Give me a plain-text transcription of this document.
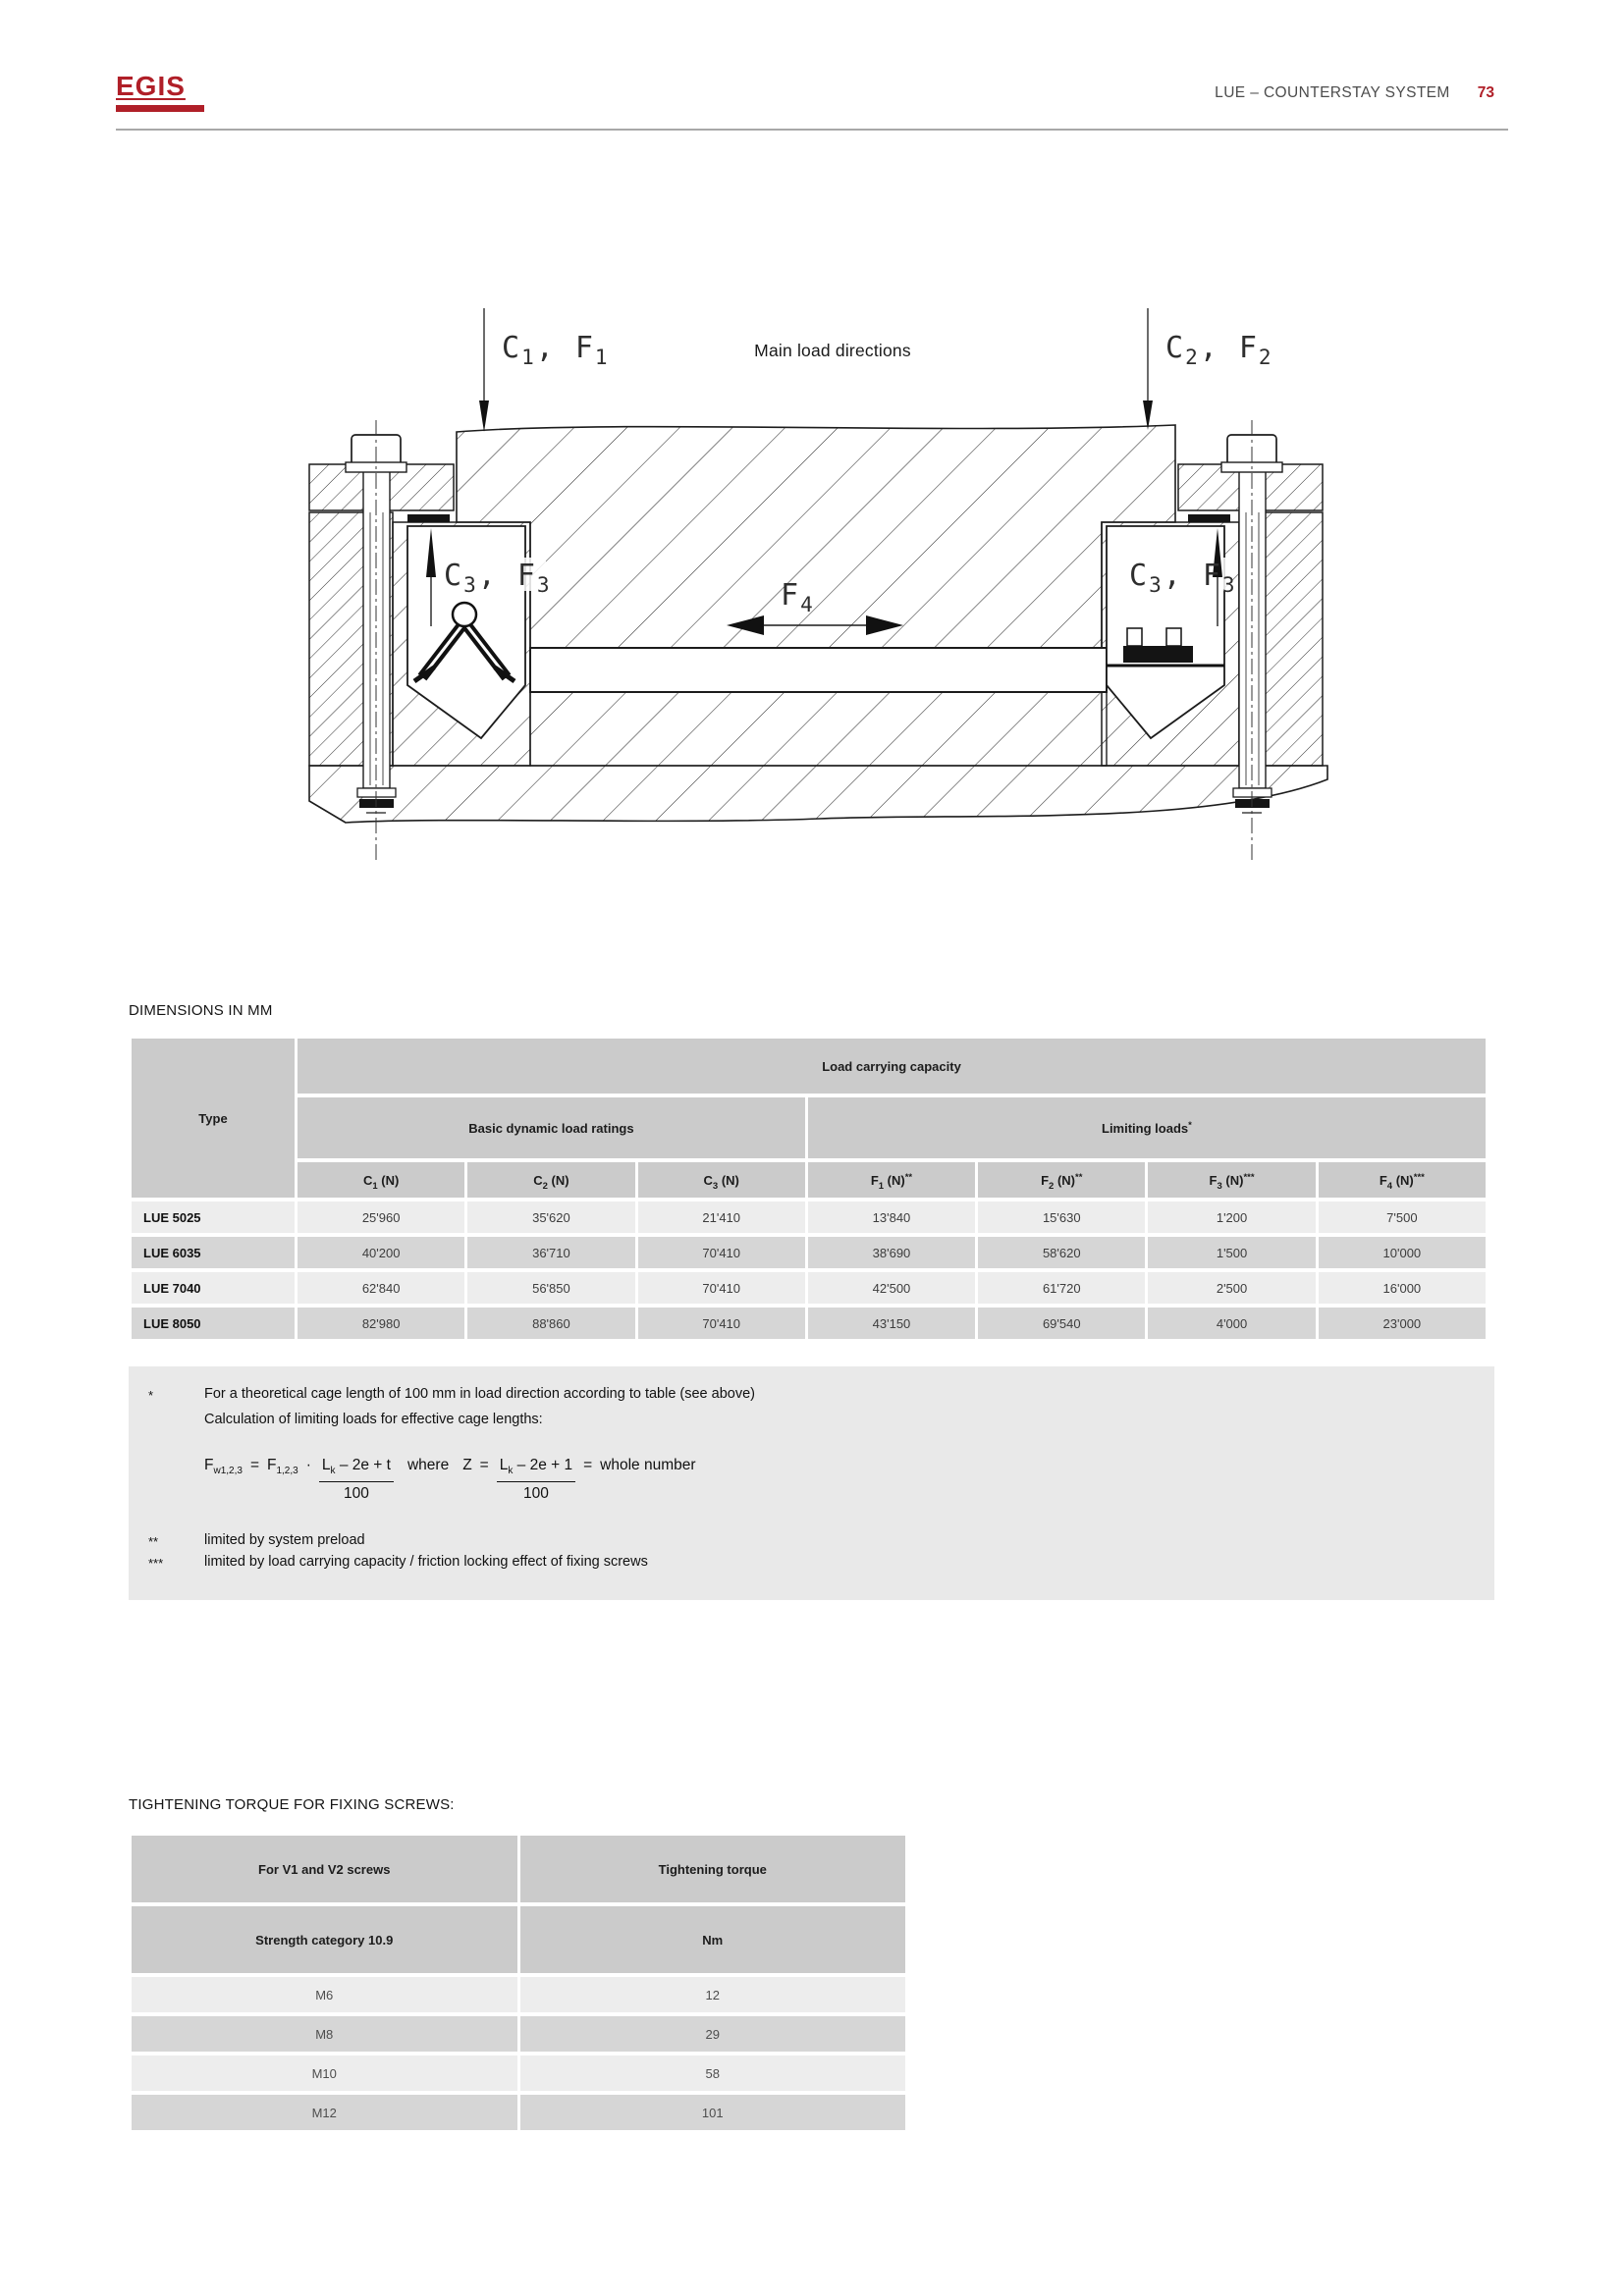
EGIS	LUE – COUNTERSTAY SYSTEM 73
$C_1$, $F_1$	$C_2$, $F_2$
Main load directions
$C_3$, $F_3$	$C_3$, $F_3$
$F_4$
DIMENSIONS IN MM
Type	Load carrying capacity						
	Basic dynamic load ratings			Limiting loads*
	$C_1$ (N)	$C_2$ (N)	$C_3$ (N)	$F_1$ (N)**	$F_2$ (N)**	$F_3$ (N)***	$F_4$ (N)***
LUE 5025	25'960	35'620	21'410	13'840	15'630	1'200	7'500
LUE 6035	40'200	36'710	70'410	38'690	58'620	1'500	10'000
LUE 7040	62'840	56'850	70'410	42'500	61'720	2'500	16'000
LUE 8050	82'980	88'860	70'410	43'150	69'540	4'000	23'000
*	For a theoretical cage length of 100 mm in load direction according to table (see above)
Calculation of limiting loads for effective cage lengths:
$F_{w1,2,3} = F_{1,2,3} \cdot \frac{L_k - 2e + t}{100}$ where $Z = \frac{L_k - 2e + 1}{100}$ = whole number
**	limited by system preload
***	limited by load carrying capacity / friction locking effect of fixing screws
TIGHTENING TORQUE FOR FIXING SCREWS:
For V1 and V2 screws	Tightening torque
Strength category 10.9	Nm
M6	12
M8	29
M10	58
M12	101
